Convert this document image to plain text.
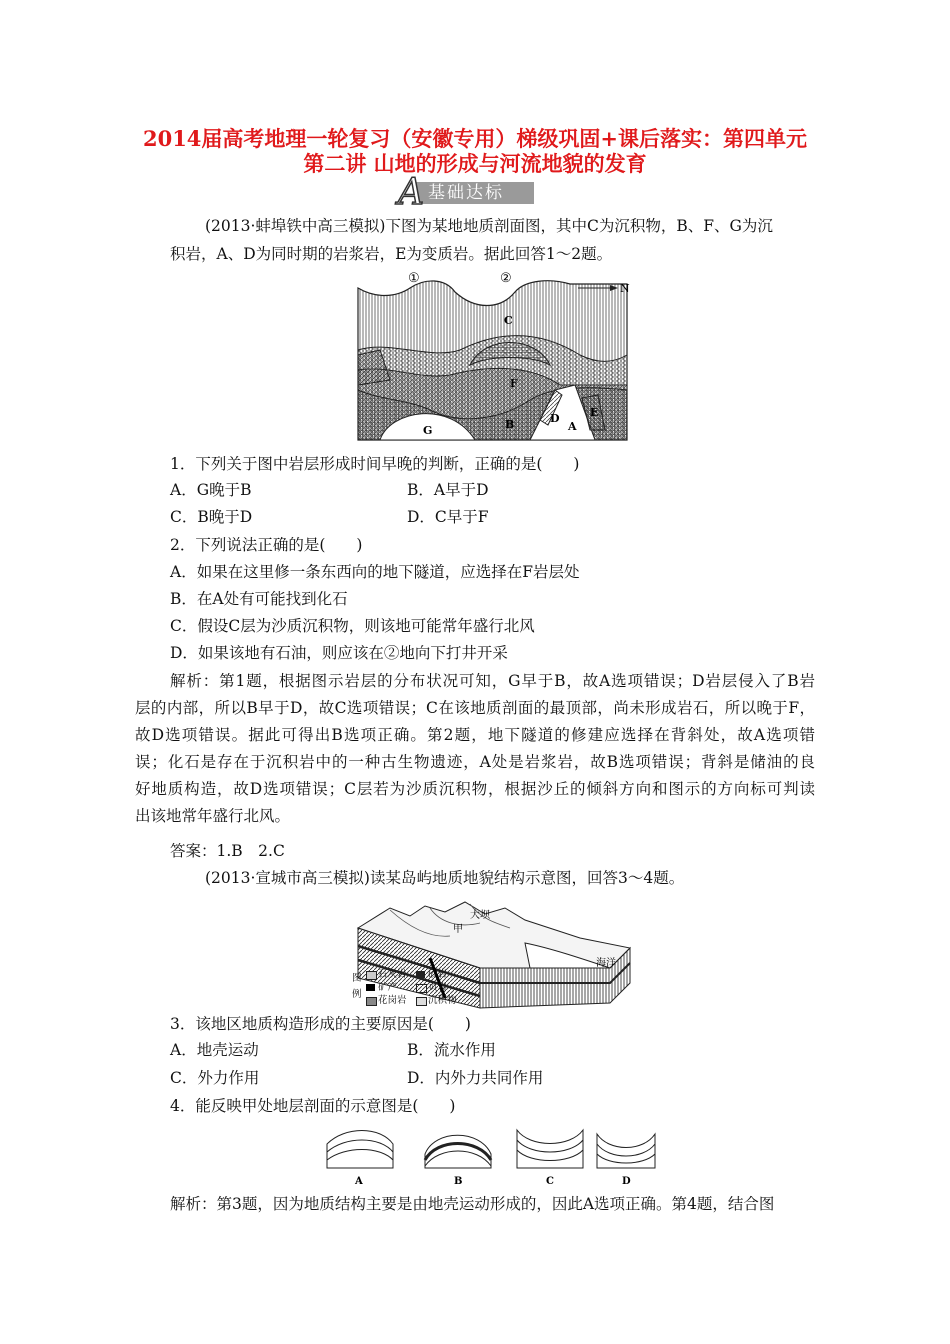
2014届高考地理一轮复习（安徽专用）梯级巩固+课后落实：第四单元
第二讲 山地的形成与河流地貌的发育
A 基础达标
(2013·蚌埠铁中高三模拟)下图为某地地质剖面图，其中C为沉积物，B、F、G为沉
积岩，A、D为同时期的岩浆岩，E为变质岩。据此回答1～2题。
N
①	②
C
F
G	B	D
A
E
1．下列关于图中岩层形成时间早晚的判断，正确的是(　　)
A．G晚于B	B．A早于D
C．B晚于D	D．C早于F
2．下列说法正确的是(　　)
A．如果在这里修一条东西向的地下隧道，应选择在F岩层处
B．在A处有可能找到化石
C．假设C层为沙质沉积物，则该地可能常年盛行北风
D．如果该地有石油，则应该在②地向下打井开采
解析：第1题，根据图示岩层的分布状况可知，G早于B，故A选项错误；D岩层侵入了B岩
层的内部，所以B早于D，故C选项错误；C在该地质剖面的最顶部，尚未形成岩石，所以晚于F，
故D选项错误。据此可得出B选项正确。第2题，地下隧道的修建应选择在背斜处，故A选项错
误；化石是存在于沉积岩中的一种古生物遗迹，A处是岩浆岩，故B选项错误；背斜是储油的良
好地质构造，故D选项错误；C层若为沙质沉积物，根据沙丘的倾斜方向和图示的方向标可判读
出该地常年盛行北风。
答案：1.B　2.C
(2013·宣城市高三模拟)读某岛屿地质地貌结构示意图，回答3～4题。
大坝
甲
海洋
图
例
石灰岩 砂岩
矿产	页岩
花岗岩 沉积物
3．该地区地质构造形成的主要原因是(　　)
A．地壳运动	B．流水作用
C．外力作用	D．内外力共同作用
4．能反映甲处地层剖面的示意图是(　　)
A	B	C	D
解析：第3题，因为地质结构主要是由地壳运动形成的，因此A选项正确。第4题，结合图
